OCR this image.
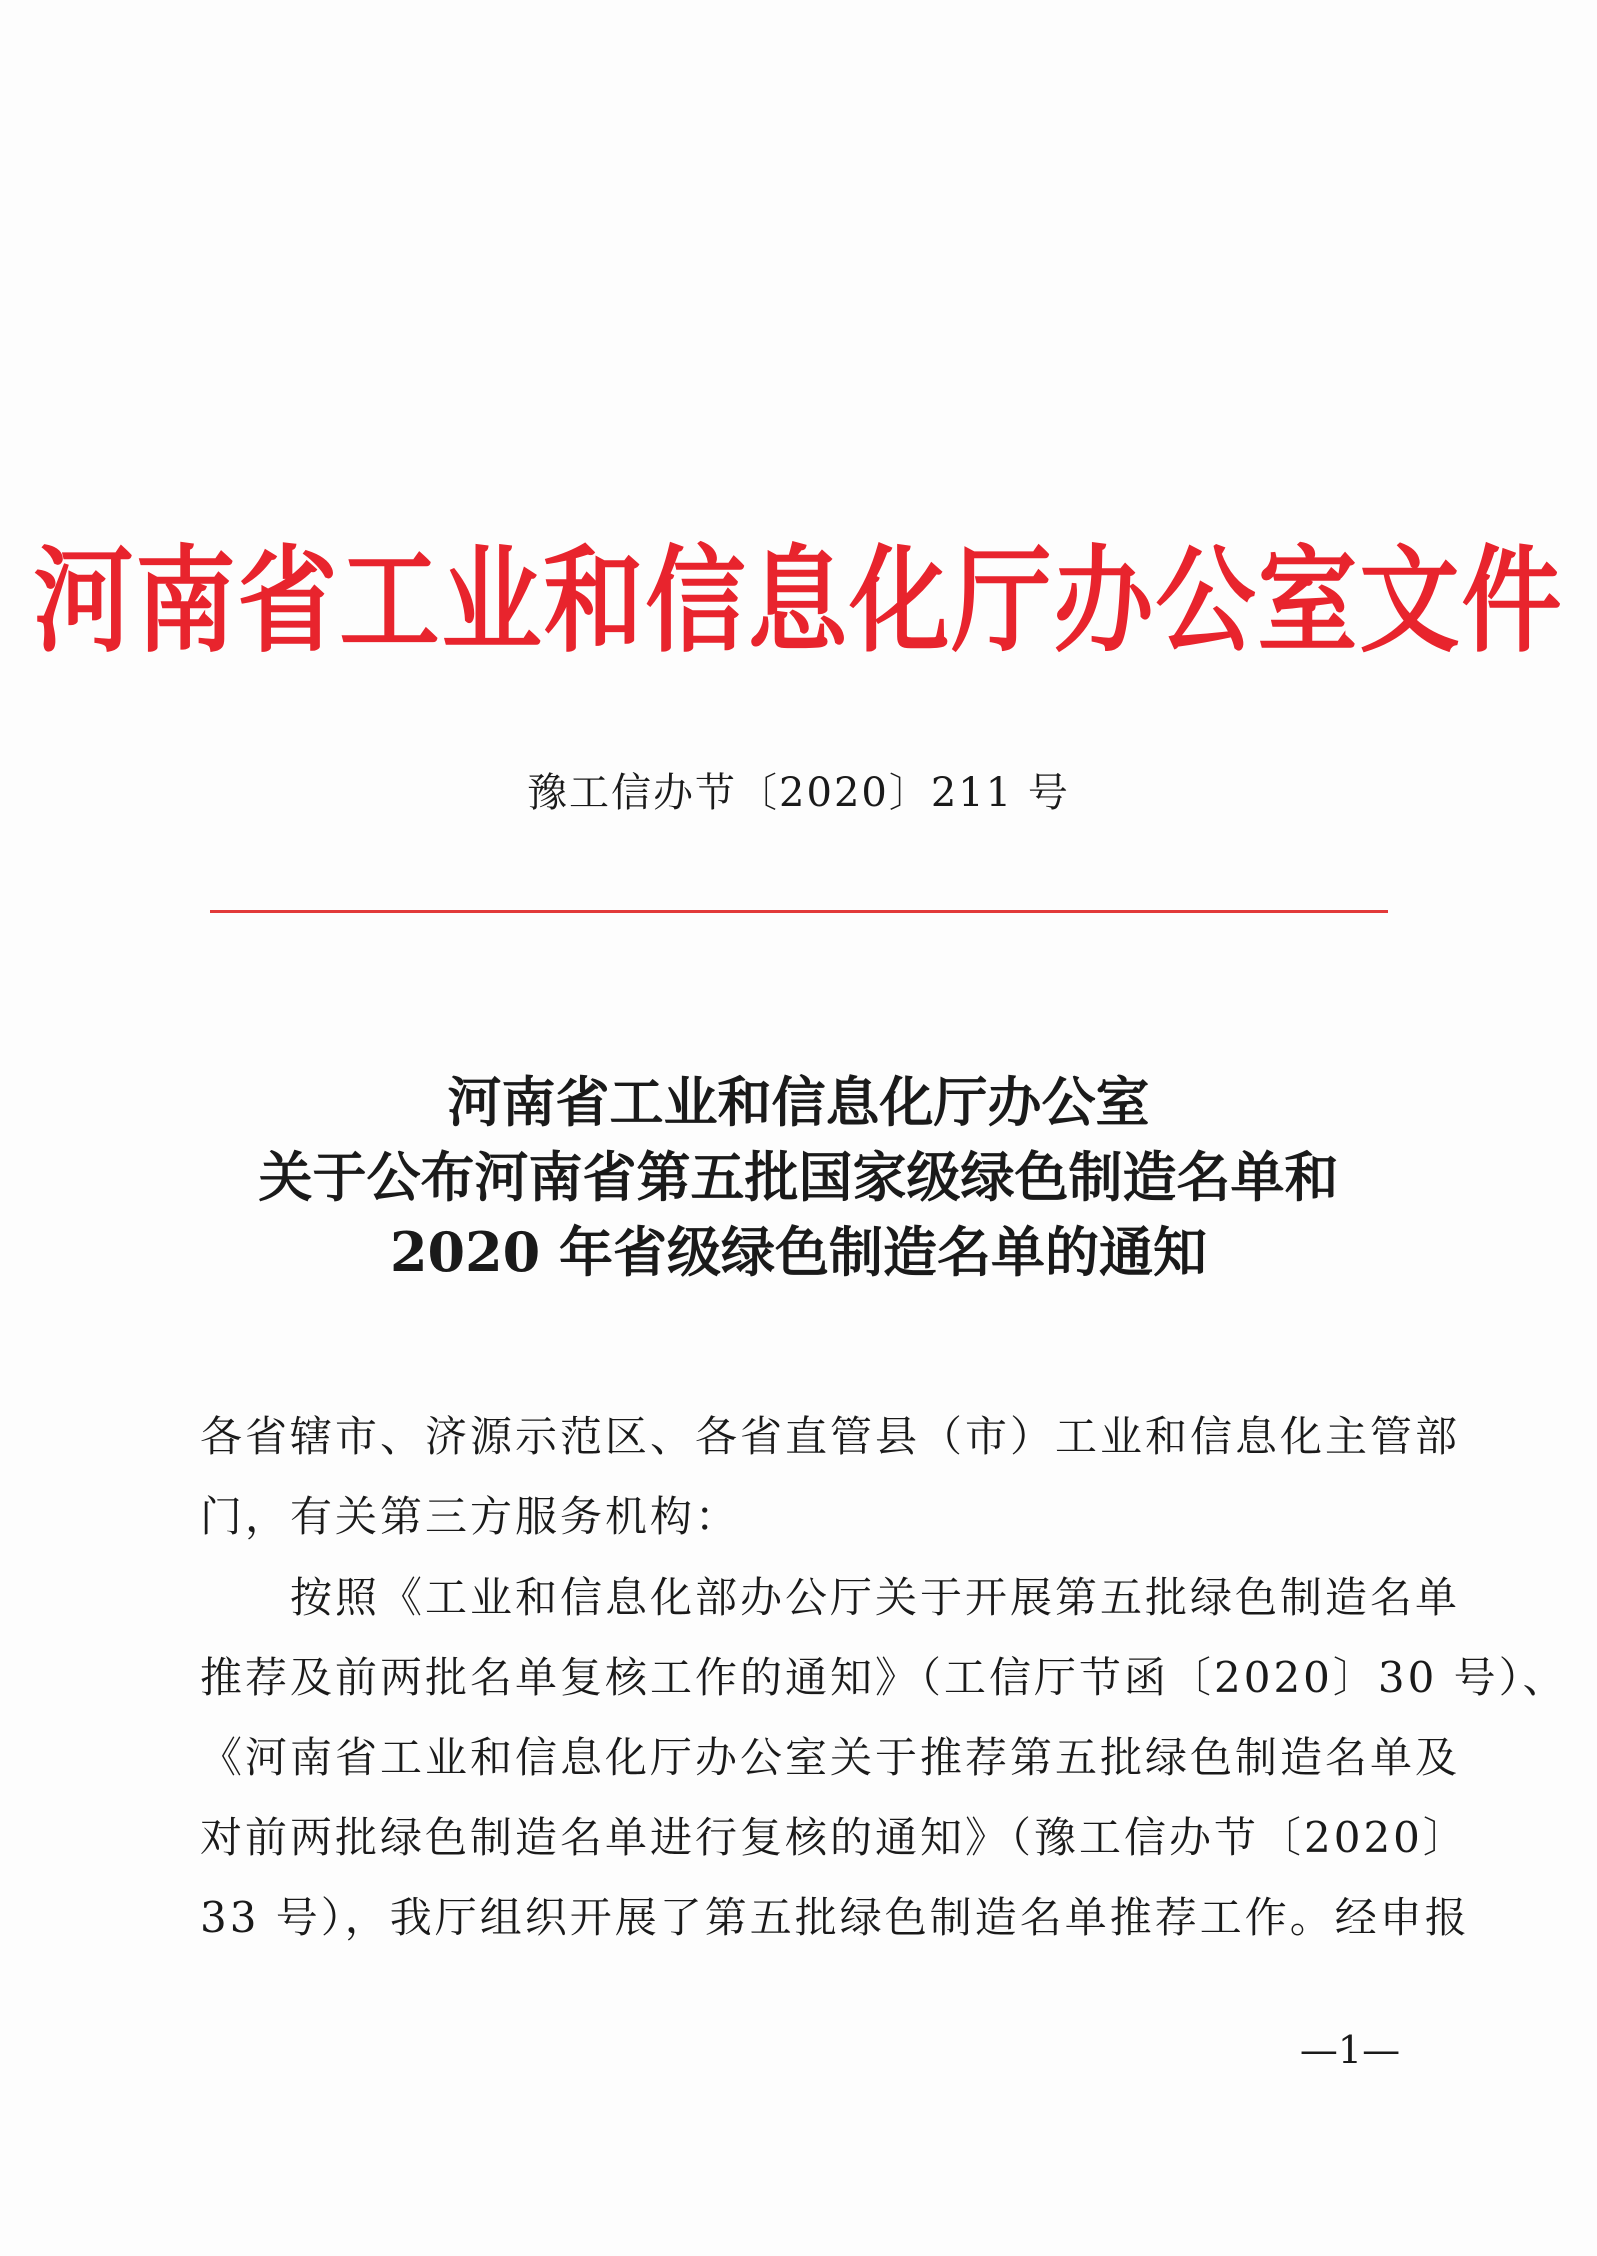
河南省工业和信息化厅办公室文件
豫工信办节〔2020〕211 号
河南省工业和信息化厅办公室
关于公布河南省第五批国家级绿色制造名单和
2020 年省级绿色制造名单的通知
各省辖市、济源示范区、各省直管县（市）工业和信息化主管部
门，有关第三方服务机构：
按照《工业和信息化部办公厅关于开展第五批绿色制造名单
推荐及前两批名单复核工作的通知》（工信厅节函〔2020〕30 号）、
《河南省工业和信息化厅办公室关于推荐第五批绿色制造名单及
对前两批绿色制造名单进行复核的通知》（豫工信办节〔2020〕
33 号），我厅组织开展了第五批绿色制造名单推荐工作。经申报
—1—
